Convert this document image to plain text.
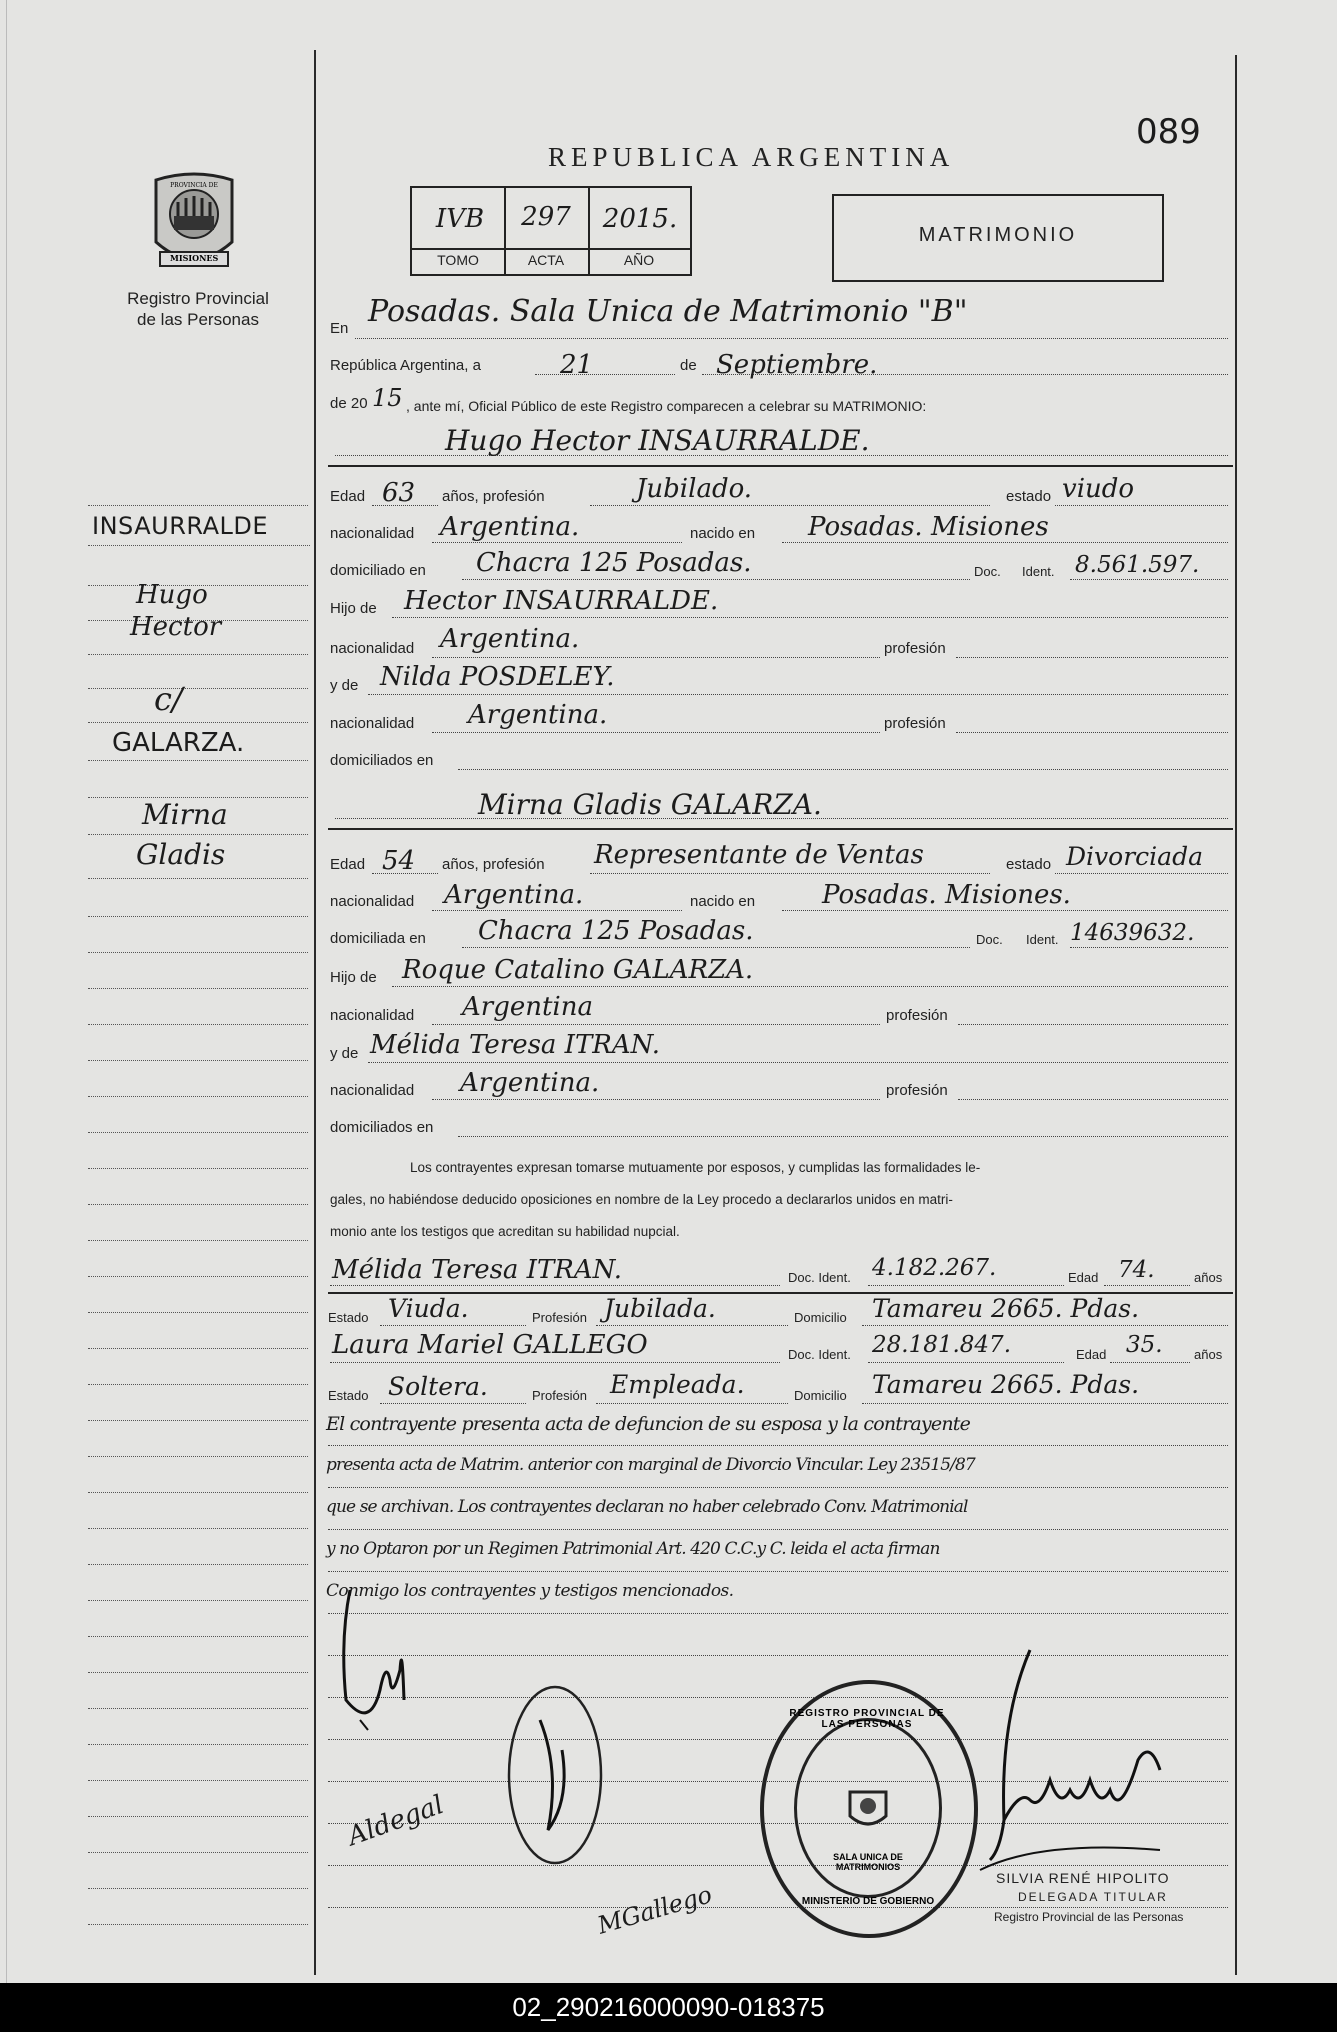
089
MISIONES
PROVINCIA DE
Registro Provincial
de las Personas
REPUBLICA ARGENTINA
IVB	297	2015.
TOMO	ACTA	AÑO
MATRIMONIO
En Posadas. Sala Unica de Matrimonio "B"
República Argentina, a	21	de Septiembre.
de 20 15 , ante mí, Oficial Público de este Registro comparecen a celebrar su MATRIMONIO:
Hugo Hector INSAURRALDE.
Edad 63 años, profesión	Jubilado.	estado viudo
nacionalidad Argentina.	nacido en Posadas. Misiones
domiciliado en Chacra 125 Posadas.	Doc. Ident. 8.561.597.
Hijo de Hector INSAURRALDE.
nacionalidad Argentina.	profesión
y de Nilda POSDELEY.
nacionalidad Argentina.	profesión
domiciliados en
Mirna Gladis GALARZA.
Edad 54 años, profesión Representante de Ventas	estado Divorciada
nacionalidad Argentina.	nacido en	Posadas. Misiones.
domiciliada en Chacra 125 Posadas.	Doc. Ident. 14639632.
Hijo de Roque Catalino GALARZA.
nacionalidad Argentina	profesión
y de Mélida Teresa ITRAN.
nacionalidad Argentina.	profesión
domiciliados en
Los contrayentes expresan tomarse mutuamente por esposos, y cumplidas las formalidades le-
gales, no habiéndose deducido oposiciones en nombre de la Ley procedo a declararlos unidos en matri-
monio ante los testigos que acreditan su habilidad nupcial.
Mélida Teresa ITRAN.	Doc. Ident. 4.182.267.	Edad 74.	años
Estado Viuda.	Profesión Jubilada.	Domicilio Tamareu 2665. Pdas.
Laura Mariel GALLEGO	Doc. Ident. 28.181.847.	Edad 35. años
Estado Soltera.	Profesión Empleada.	Domicilio Tamareu 2665. Pdas.
El contrayente presenta acta de defuncion de su esposa y la contrayente
presenta acta de Matrim. anterior con marginal de Divorcio Vincular. Ley 23515/87
que se archivan. Los contrayentes declaran no haber celebrado Conv. Matrimonial
y no Optaron por un Regimen Patrimonial Art. 420 C.C.y C. leida el acta firman
Conmigo los contrayentes y testigos mencionados.
Aldegal
MGallego
REGISTRO PROVINCIAL DE LAS PERSONAS
SALA UNICA DE MATRIMONIOS
MINISTERIO DE GOBIERNO
SILVIA RENÉ HIPOLITO
DELEGADA TITULAR
Registro Provincial de las Personas
INSAURRALDE
Hugo
Hector
c/
GALARZA.
Mirna
Gladis
02_290216000090-018375
